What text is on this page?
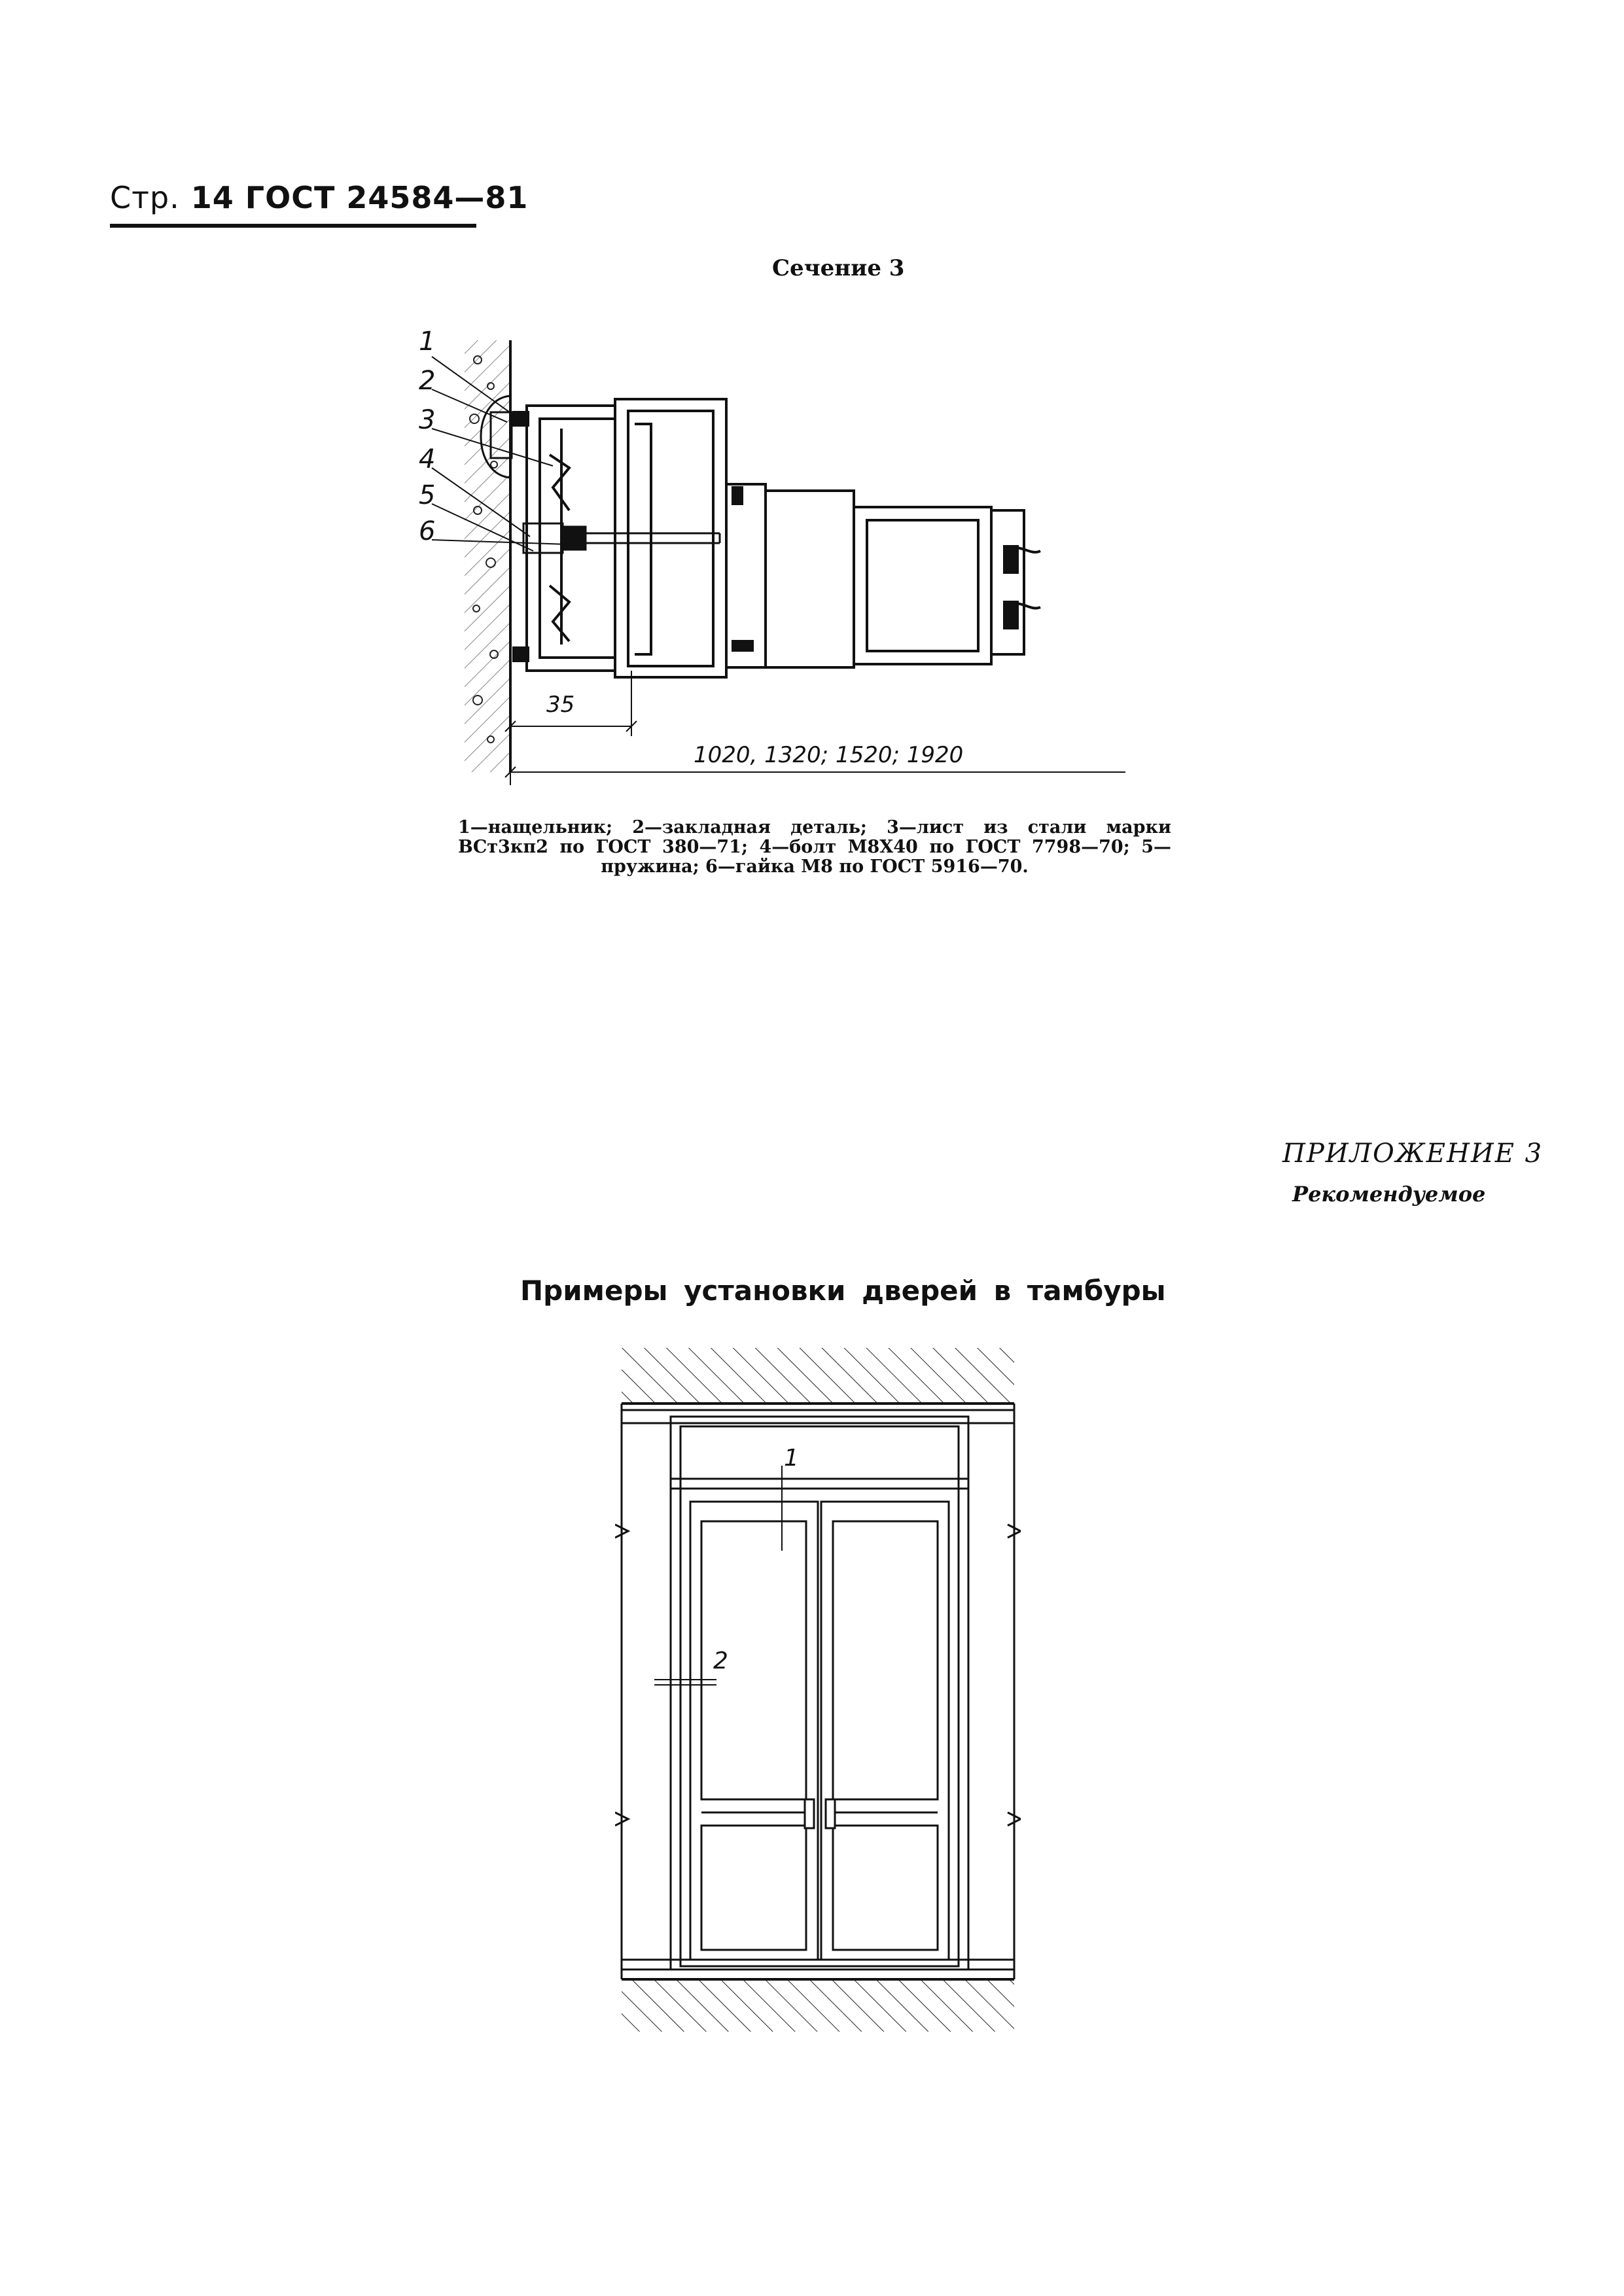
Стр. 14 ГОСТ 24584—81
Сечение 3
1
2
3
4
5
6
35
1020, 1320; 1520; 1920
1—нащельник; 2—закладная деталь; 3—лист из стали марки ВСт3кп2 по ГОСТ 380—71; 4—болт М8Х40 по ГОСТ 7798—70; 5—пружина; 6—гайка М8 по ГОСТ 5916—70.
ПРИЛОЖЕНИЕ 3
Рекомендуемое
Примеры установки дверей в тамбуры
1
2
